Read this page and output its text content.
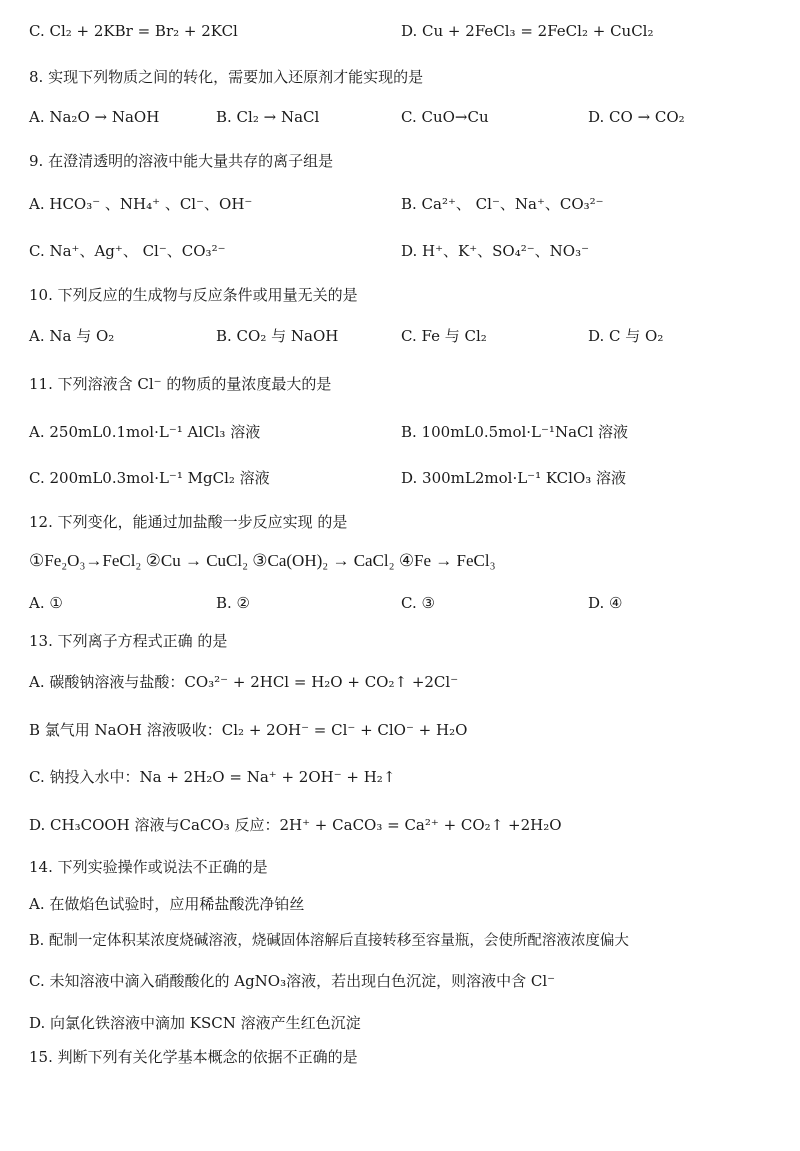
C. Cl₂ + 2KBr = Br₂ + 2KCl	D. Cu + 2FeCl₃ = 2FeCl₂ + CuCl₂
8. 实现下列物质之间的转化，需要加入还原剂才能实现的是
A. Na₂O → NaOH	B. Cl₂ → NaCl	C. CuO→Cu	D. CO → CO₂
9. 在澄清透明的溶液中能大量共存的离子组是
A. HCO₃⁻ 、NH₄⁺ 、Cl⁻、OH⁻	B. Ca²⁺、 Cl⁻、Na⁺、CO₃²⁻
C. Na⁺、Ag⁺、 Cl⁻、CO₃²⁻	D. H⁺、K⁺、SO₄²⁻、NO₃⁻
10. 下列反应的生成物与反应条件或用量无关的是
A. Na 与 O₂	B. CO₂ 与 NaOH	C. Fe 与 Cl₂	D. C 与 O₂
11. 下列溶液含 Cl⁻ 的物质的量浓度最大的是
A. 250mL0.1mol·L⁻¹ AlCl₃ 溶液	B. 100mL0.5mol·L⁻¹NaCl 溶液
C. 200mL0.3mol·L⁻¹ MgCl₂ 溶液	D. 300mL2mol·L⁻¹ KClO₃ 溶液
12. 下列变化，能通过加盐酸一步反应实现 的是
①Fe₂O₃→FeCl₂ ②Cu → CuCl₂ ③Ca(OH)₂ → CaCl₂ ④Fe → FeCl₃
A. ①	B. ②	C. ③	D. ④
13. 下列离子方程式正确 的是
A. 碳酸钠溶液与盐酸：CO₃²⁻ + 2HCl = H₂O + CO₂↑ +2Cl⁻
B 氯气用 NaOH 溶液吸收：Cl₂ + 2OH⁻ = Cl⁻ + ClO⁻ + H₂O
C. 钠投入水中：Na + 2H₂O = Na⁺ + 2OH⁻ + H₂↑
D. CH₃COOH 溶液与CaCO₃ 反应：2H⁺ + CaCO₃ = Ca²⁺ + CO₂↑ +2H₂O
14. 下列实验操作或说法不正确的是
A. 在做焰色试验时，应用稀盐酸洗净铂丝
B. 配制一定体积某浓度烧碱溶液，烧碱固体溶解后直接转移至容量瓶，会使所配溶液浓度偏大
C. 未知溶液中滴入硝酸酸化的 AgNO₃溶液，若出现白色沉淀，则溶液中含 Cl⁻
D. 向氯化铁溶液中滴加 KSCN 溶液产生红色沉淀
15. 判断下列有关化学基本概念的依据不正确的是
